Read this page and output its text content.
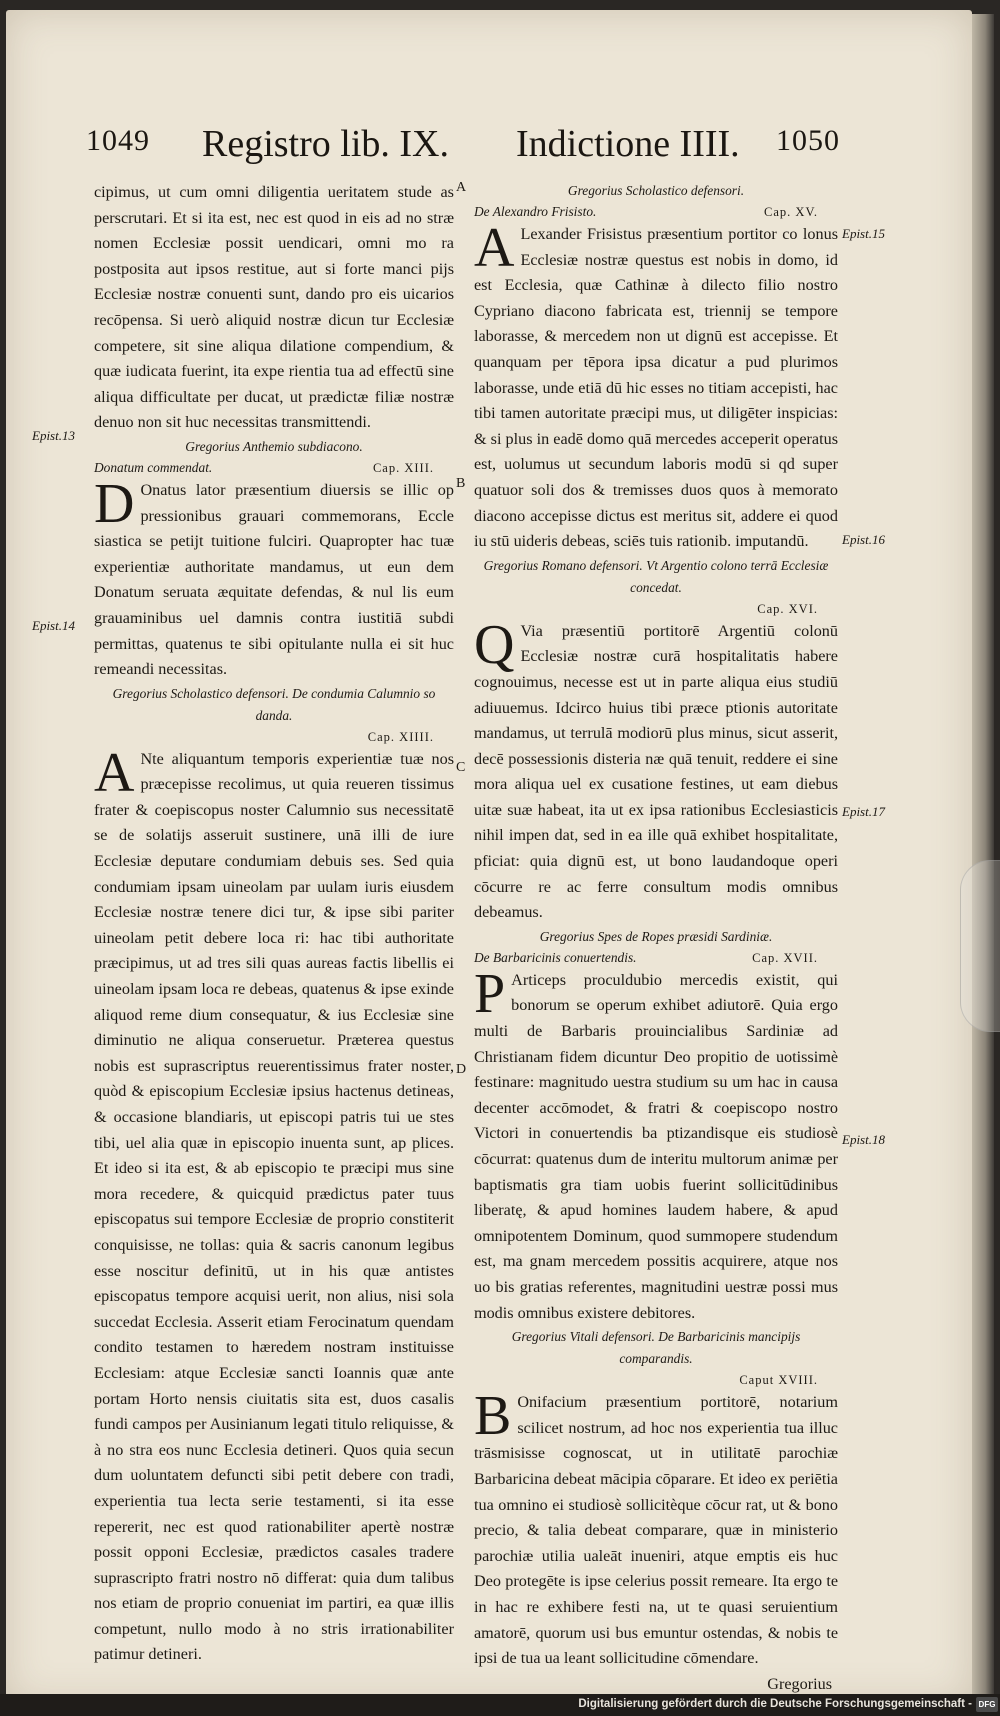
1049 Registro lib. IX. Indictione IIII. 1050
Epist.13
Epist.14
Epist.15
Epist.16
Epist.17
Epist.18
A
B
C
D

cipimus, ut cum omni diligentia ueritatem stude as perscrutari. Et si ita est, nec est quod in eis ad no stræ nomen Ecclesiæ possit uendicari, omni mo ra postposita aut ipsos restitue, aut si forte manci pijs Ecclesiæ nostræ conuenti sunt, dando pro eis uicarios recōpensa. Si uerò aliquid nostræ dicun tur Ecclesiæ competere, sit sine aliqua dilatione compendium, & quæ iudicata fuerint, ita expe rientia tua ad effectū sine aliqua difficultate per ducat, ut prædictæ filiæ nostræ denuo non sit huc necessitas transmittendi.

Gregorius Anthemio subdiacono.

Donatum commendat.	Cap. XIII.

D Onatus lator præsentium diuersis se illic op pressionibus grauari commemorans, Eccle siastica se petijt tuitione fulciri. Quapropter hac tuæ experientiæ authoritate mandamus, ut eun dem Donatum seruata æquitate defendas, & nul lis eum grauaminibus uel damnis contra iustitiā subdi permittas, quatenus te sibi opitulante nulla ei sit huc remeandi necessitas.

Gregorius Scholastico defensori. De condumia Calumnio so danda.

Cap. XIIII.

A Nte aliquantum temporis experientiæ tuæ nos præcepisse recolimus, ut quia reueren tissimus frater & coepiscopus noster Calumnio sus necessitatē se de solatijs asseruit sustinere, unā illi de iure Ecclesiæ deputare condumiam debuis ses. Sed quia condumiam ipsam uineolam par uulam iuris eiusdem Ecclesiæ nostræ tenere dici tur, & ipse sibi pariter uineolam petit debere loca ri: hac tibi authoritate præcipimus, ut ad tres sili quas aureas factis libellis ei uineolam ipsam loca re debeas, quatenus & ipse exinde aliquod reme dium consequatur, & ius Ecclesiæ sine diminutio ne aliqua conseruetur. Præterea questus nobis est suprascriptus reuerentissimus frater noster, quòd & episcopium Ecclesiæ ipsius hactenus detineas, & occasione blandiaris, ut episcopi patris tui ue stes tibi, uel alia quæ in episcopio inuenta sunt, ap plices. Et ideo si ita est, & ab episcopio te præcipi mus sine mora recedere, & quicquid prædictus pater tuus episcopatus sui tempore Ecclesiæ de proprio constiterit conquisisse, ne tollas: quia & sacris canonum legibus esse noscitur definitū, ut in his quæ antistes episcopatus tempore acquisi uerit, non alius, nisi sola succedat Ecclesia. Asserit etiam Ferocinatum quendam condito testamen to hæredem nostram instituisse Ecclesiam: atque Ecclesiæ sancti Ioannis quæ ante portam Horto nensis ciuitatis sita est, duos casalis fundi campos per Ausinianum legati titulo reliquisse, & à no stra eos nunc Ecclesia detineri. Quos quia secun dum uoluntatem defuncti sibi petit debere con tradi, experientia tua lecta serie testamenti, si ita esse repererit, nec est quod rationabiliter apertè nostræ possit opponi Ecclesiæ, prædictos casales tradere suprascripto fratri nostro nō differat: quia dum talibus nos etiam de proprio conueniat im partiri, ea quæ illis competunt, nullo modo à no stris irrationabiliter patimur detineri.

Gregorius Scholastico defensori.

De Alexandro Frisisto.	Cap. XV.

A Lexander Frisistus præsentium portitor co lonus Ecclesiæ nostræ questus est nobis in domo, id est Ecclesia, quæ Cathinæ à dilecto filio nostro Cypriano diacono fabricata est, triennij se tempore laborasse, & mercedem non ut dignū est accepisse. Et quanquam per tēpora ipsa dicatur a pud plurimos laborasse, unde etiā dū hic esses no titiam accepisti, hac tibi tamen autoritate præcipi mus, ut diligēter inspicias: & si plus in eadē domo quā mercedes acceperit operatus est, uolumus ut secundum laboris modū si qd super quatuor soli dos & tremisses duos quos à memorato diacono accepisse dictus est meritus sit, addere ei quod iu stū uideris debeas, sciēs tuis rationib. imputandū.

Gregorius Romano defensori. Vt Argentio colono terrā Ecclesiæ concedat.

Cap. XVI.

Q Via præsentiū portitorē Argentiū colonū Ecclesiæ nostræ curā hospitalitatis habere cognouimus, necesse est ut in parte aliqua eius studiū adiuuemus. Idcirco huius tibi præce ptionis autoritate mandamus, ut terrulā modiorū plus minus, sicut asserit, decē possessionis disteria næ quā tenuit, reddere ei sine mora aliqua uel ex cusatione festines, ut eam diebus uitæ suæ habeat, ita ut ex ipsa rationibus Ecclesiasticis nihil impen dat, sed in ea ille quā exhibet hospitalitate, pficiat: quia dignū est, ut bono laudandoque operi cōcurre re ac ferre consultum modis omnibus debeamus.

Gregorius Spes de Ropes præsidi Sardiniæ.

De Barbaricinis conuertendis.	Cap. XVII.

P Articeps proculdubio mercedis existit, qui bonorum se operum exhibet adiutorē. Quia ergo multi de Barbaris prouincialibus Sardiniæ ad Christianam fidem dicuntur Deo propitio de uotissimè festinare: magnitudo uestra studium su um hac in causa decenter accōmodet, & fratri & coepiscopo nostro Victori in conuertendis ba ptizandisque eis studiosè cōcurrat: quatenus dum de interitu multorum animæ per baptismatis gra tiam uobis fuerint sollicitūdinibus liberatę, & apud homines laudem habere, & apud omnipotentem Dominum, quod summopere studendum est, ma gnam mercedem possitis acquirere, atque nos uo bis gratias referentes, magnitudini uestræ possi mus modis omnibus existere debitores.

Gregorius Vitali defensori. De Barbaricinis mancipijs comparandis.

Caput XVIII.

B Onifacium præsentium portitorē, notarium scilicet nostrum, ad hoc nos experientia tua illuc trāsmisisse cognoscat, ut in utilitatē parochiæ Barbaricina debeat mācipia cōparare. Et ideo ex periētia tua omnino ei studiosè sollicitèque cōcur rat, ut & bono precio, & talia debeat comparare, quæ in ministerio parochiæ utilia ualeāt inueniri, atque emptis eis huc Deo protegēte is ipse celerius possit remeare. Ita ergo te in hac re exhibere festi na, ut te quasi seruientium amatorē, quorum usi bus emuntur ostendas, & nobis te ipsi de tua ua leant sollicitudine cōmendare.

Gregorius

Digitalisierung gefördert durch die Deutsche Forschungsgemeinschaft - DFG
